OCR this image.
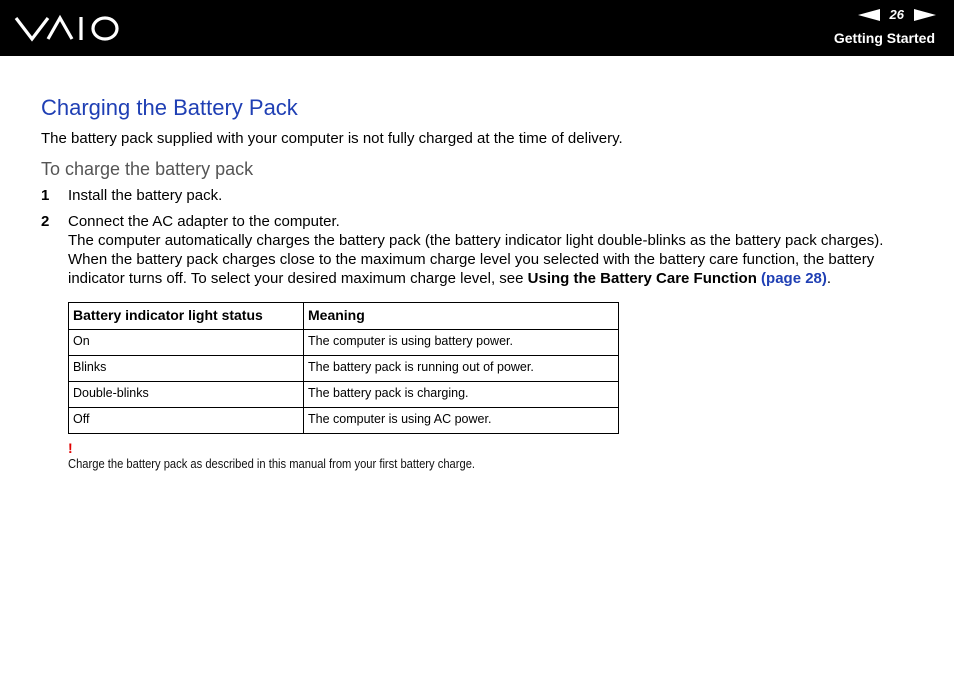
26
Getting Started
Charging the Battery Pack
The battery pack supplied with your computer is not fully charged at the time of delivery.
To charge the battery pack
1 Install the battery pack.
2 Connect the AC adapter to the computer.
The computer automatically charges the battery pack (the battery indicator light double-blinks as the battery pack charges). When the battery pack charges close to the maximum charge level you selected with the battery care function, the battery indicator turns off. To select your desired maximum charge level, see Using the Battery Care Function (page 28).
Battery indicator light status	Meaning
On	The computer is using battery power.
Blinks	The battery pack is running out of power.
Double-blinks	The battery pack is charging.
Off	The computer is using AC power.
!
Charge the battery pack as described in this manual from your first battery charge.
